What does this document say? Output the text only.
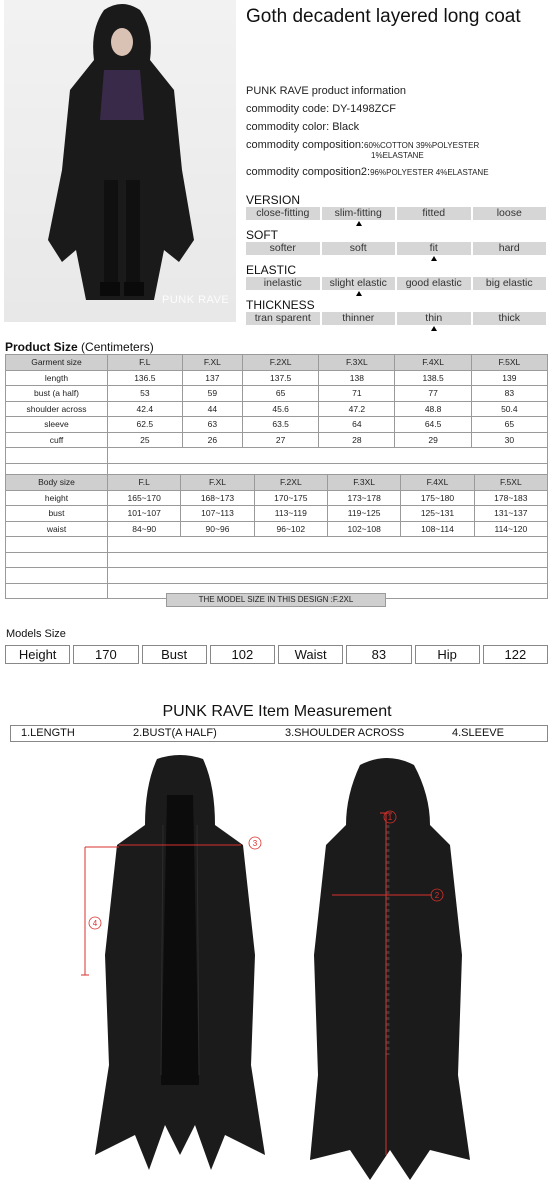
PUNK RAVE
Goth decadent layered long coat
PUNK RAVE product information
commodity code: DY-1498ZCF
commodity color: Black
commodity composition:60%COTTON 39%POLYESTER
1%ELASTANE
commodity composition2:96%POLYESTER 4%ELASTANE
VERSION
close-fitting	slim-fitting	fitted	loose
SOFT
softer	soft	fit	hard
ELASTIC
inelastic	slight elastic	good elastic	big elastic
THICKNESS
tran sparent	thinner	thin	thick
Product Size (Centimeters)
Garment size	F.L	F.XL	F.2XL	F.3XL	F.4XL	F.5XL
length	136.5	137	137.5	138	138.5	139
bust (a half)	53	59	65	71	77	83
shoulder across	42.4	44	45.6	47.2	48.8	50.4
sleeve	62.5	63	63.5	64	64.5	65
cuff	25	26	27	28	29	30

Body size	F.L	F.XL	F.2XL	F.3XL	F.4XL	F.5XL
height	165~170	168~173	170~175	173~178	175~180	178~183
bust	101~107	107~113	113~119	119~125	125~131	131~137
waist	84~90	90~96	96~102	102~108	108~114	114~120

THE MODEL SIZE IN THIS DESIGN :F.2XL
Models Size
Height	170	Bust	102	Waist	83	Hip	122
PUNK RAVE Item Measurement
1.LENGTH	2.BUST(A HALF)	3.SHOULDER ACROSS	4.SLEEVE
3
4
1
2
